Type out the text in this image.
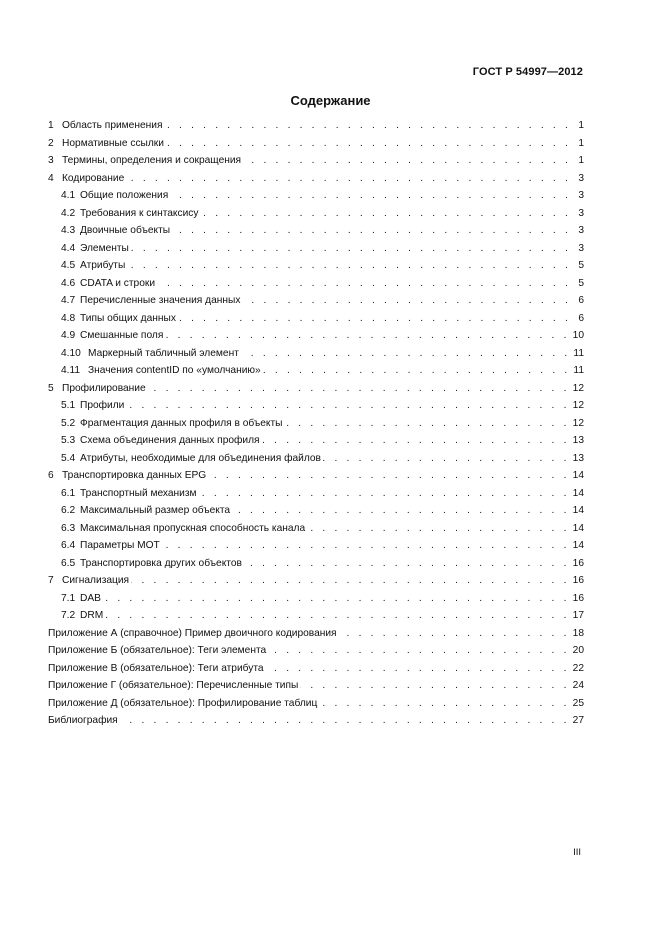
ГОСТ Р 54997—2012
Содержание
1 Область применения . . .	1
2 Нормативные ссылки . . .	1
3 Термины, определения и сокращения . . .	1
4 Кодирование . . .	3
4.1 Общие положения . . .	3
4.2 Требования к синтаксису . . .	3
4.3 Двоичные объекты . . .	3
4.4 Элементы . . .	3
4.5 Атрибуты . . .	5
4.6 CDATA и строки . . .	5
4.7 Перечисленные значения данных . . .	6
4.8 Типы общих данных . . .	6
4.9 Смешанные поля . . .	10
4.10 Маркерный табличный элемент . . .	11
4.11 Значения contentID по «умолчанию» . . .	11
5 Профилирование . . .	12
5.1 Профили . . .	12
5.2 Фрагментация данных профиля в объекты . . .	12
5.3 Схема объединения данных профиля . . .	13
5.4 Атрибуты, необходимые для объединения файлов . . .	13
6 Транспортировка данных EPG . . .	14
6.1 Транспортный механизм . . .	14
6.2 Максимальный размер объекта . . .	14
6.3 Максимальная пропускная способность канала . . .	14
6.4 Параметры МОТ . . .	14
6.5 Транспортировка других объектов . . .	16
7 Сигнализация . . .	16
7.1 DAB . . .	16
7.2 DRM . . .	17
Приложение А (справочное) Пример двоичного кодирования . . .	18
Приложение Б (обязательное): Теги элемента . . .	20
Приложение В (обязательное): Теги атрибута . . .	22
Приложение Г (обязательное): Перечисленные типы . . .	24
Приложение Д (обязательное): Профилирование таблиц . . .	25
Библиография . . .	27
III
